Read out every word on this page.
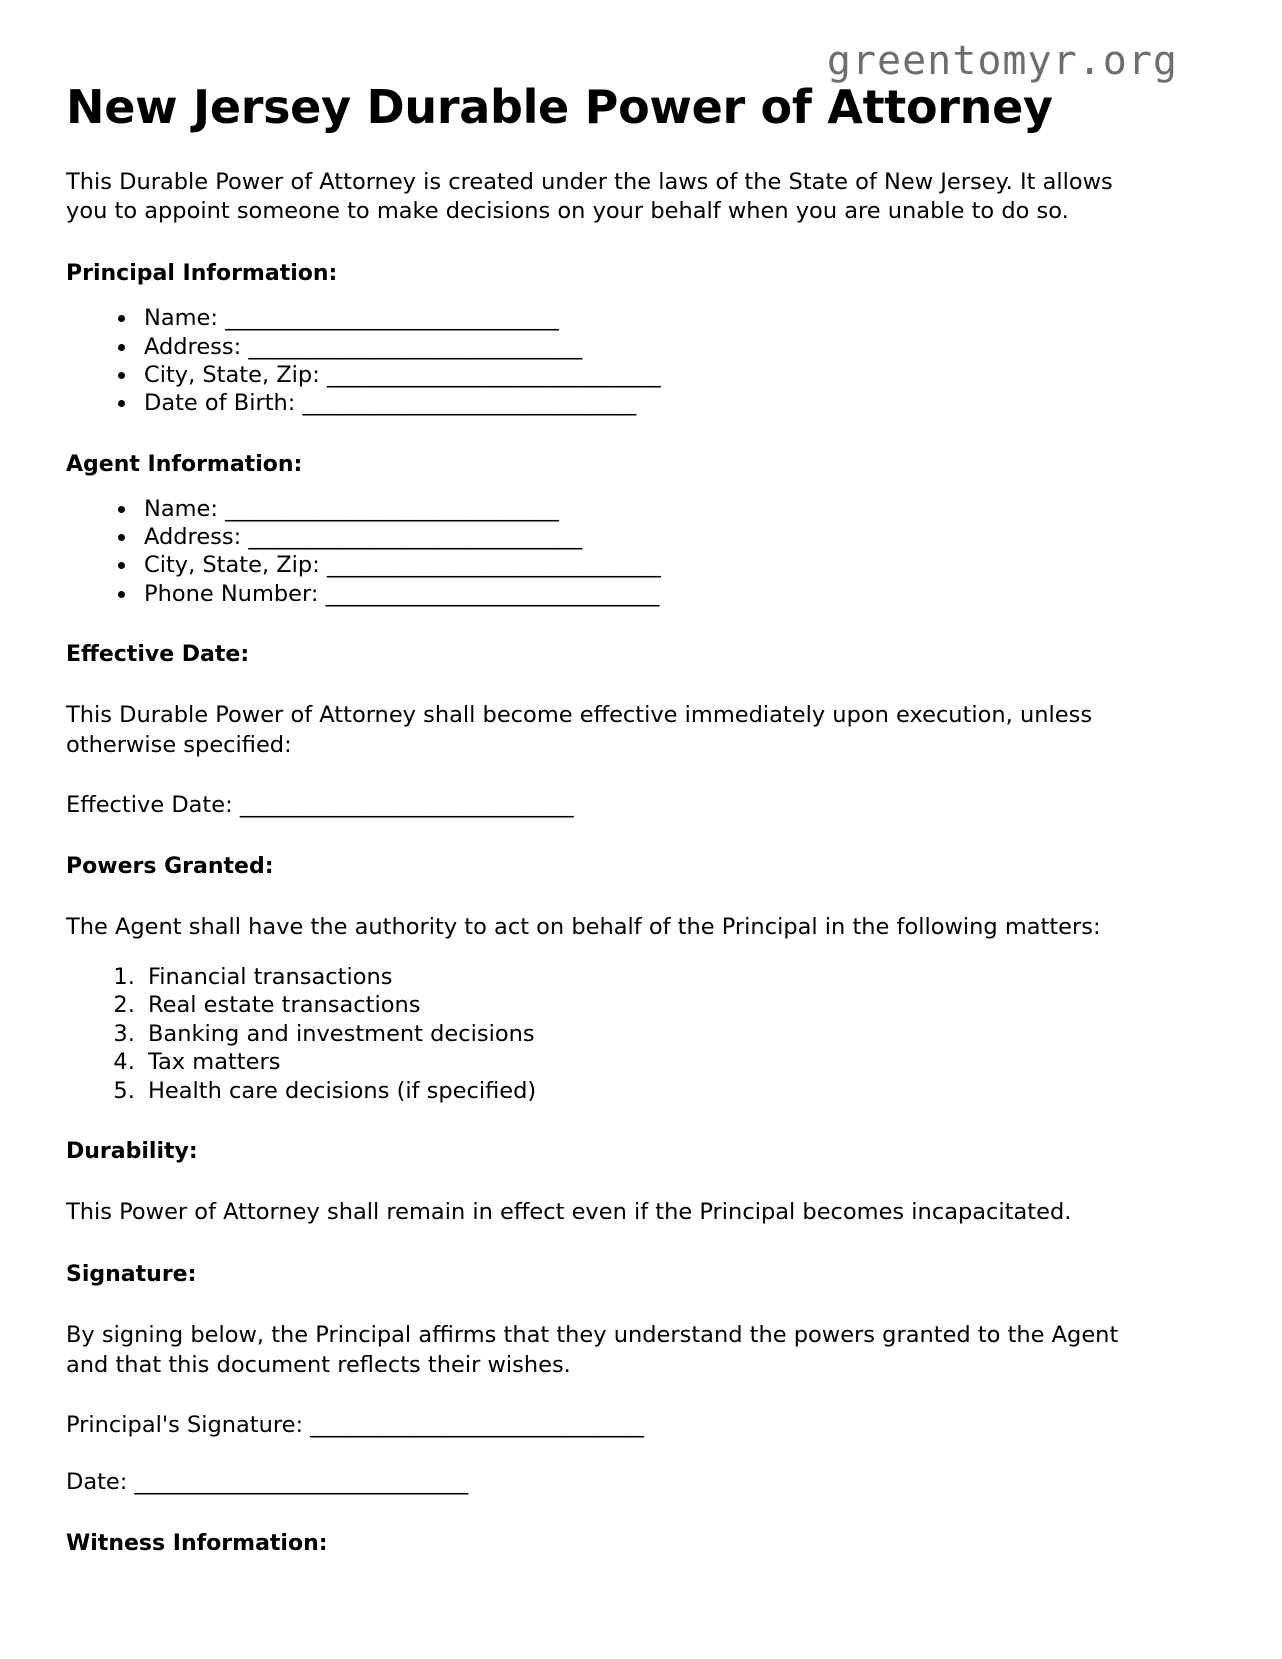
greentomyr.org
New Jersey Durable Power of Attorney

This Durable Power of Attorney is created under the laws of the State of New Jersey. It allows you to appoint someone to make decisions on your behalf when you are unable to do so.

Principal Information:
• Name: _______________________________
• Address: _______________________________
• City, State, Zip: _______________________________
• Date of Birth: _______________________________
Agent Information:
• Name: _______________________________
• Address: _______________________________
• City, State, Zip: _______________________________
• Phone Number: _______________________________
Effective Date:

This Durable Power of Attorney shall become effective immediately upon execution, unless otherwise specified:

Effective Date: _______________________________

Powers Granted:

The Agent shall have the authority to act on behalf of the Principal in the following matters:

1. Financial transactions
2. Real estate transactions
3. Banking and investment decisions
4. Tax matters
5. Health care decisions (if specified)
Durability:

This Power of Attorney shall remain in effect even if the Principal becomes incapacitated.

Signature:

By signing below, the Principal affirms that they understand the powers granted to the Agent and that this document reflects their wishes.

Principal's Signature: _______________________________

Date: _______________________________

Witness Information:
